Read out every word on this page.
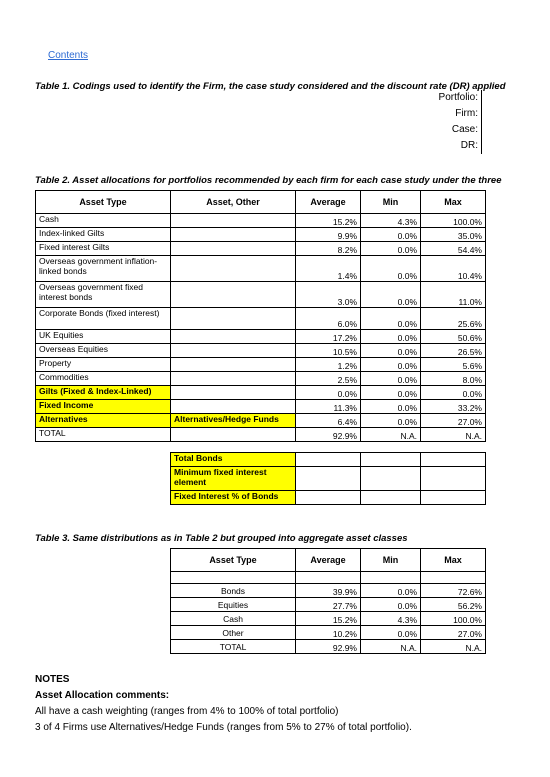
Contents
Table 1. Codings used to identify the Firm, the case study considered and the discount rate (DR) applied
Portfolio:
Firm:
Case:
DR:
Table 2. Asset allocations for portfolios recommended by each firm for each case study under the three
Asset Type	Asset, Other	Average	Min	Max
Cash		15.2%	4.3%	100.0%
Index-linked Gilts		9.9%	0.0%	35.0%
Fixed interest Gilts		8.2%	0.0%	54.4%
Overseas government inflation-linked bonds		1.4%	0.0%	10.4%
Overseas government fixed interest bonds		3.0%	0.0%	11.0%
Corporate Bonds (fixed interest)		6.0%	0.0%	25.6%
UK Equities		17.2%	0.0%	50.6%
Overseas Equities		10.5%	0.0%	26.5%
Property		1.2%	0.0%	5.6%
Commodities		2.5%	0.0%	8.0%
Gilts (Fixed & Index-Linked)		0.0%	0.0%	0.0%
Fixed Income		11.3%	0.0%	33.2%
Alternatives	Alternatives/Hedge Funds	6.4%	0.0%	27.0%
TOTAL		92.9%	N.A.	N.A.
Total Bonds			
Minimum fixed interest element			
Fixed Interest % of Bonds			
Table 3. Same distributions as in Table 2 but grouped into aggregate asset classes
Asset Type	Average	Min	Max

Bonds	39.9%	0.0%	72.6%
Equities	27.7%	0.0%	56.2%
Cash	15.2%	4.3%	100.0%
Other	10.2%	0.0%	27.0%
TOTAL	92.9%	N.A.	N.A.
NOTES
Asset Allocation comments:
All have a cash weighting (ranges from 4% to 100% of total portfolio)
3 of 4 Firms use Alternatives/Hedge Funds (ranges from 5% to 27% of total portfolio).
